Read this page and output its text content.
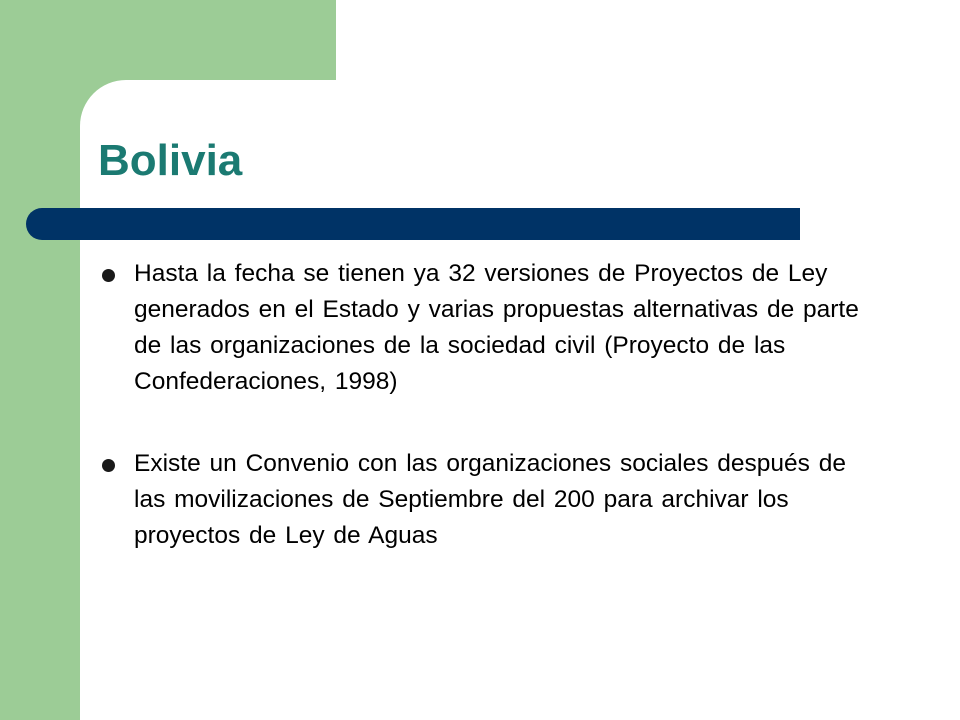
Bolivia
Hasta la fecha se tienen ya 32 versiones de Proyectos de Ley generados en el Estado y varias propuestas alternativas de parte de las organizaciones de la sociedad civil (Proyecto de las Confederaciones, 1998)
Existe un Convenio con las organizaciones sociales después de las movilizaciones de Septiembre del 200 para archivar los proyectos de Ley de Aguas
